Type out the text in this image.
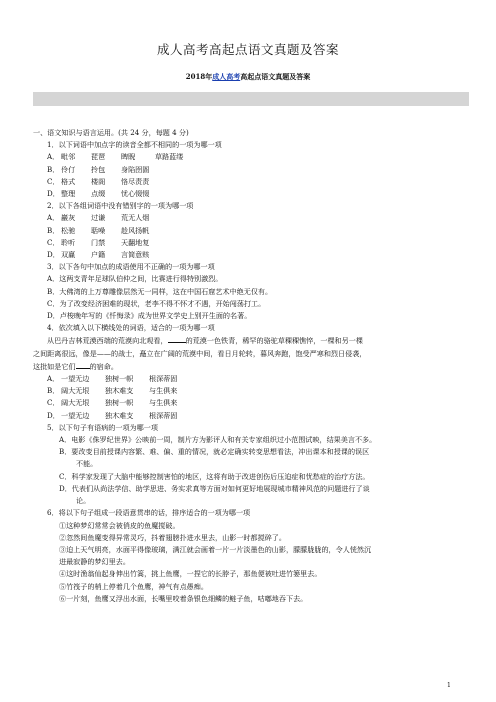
成人高考高起点语文真题及答案
2018年成人高考高起点语文真题及答案
一、语文知识与语言运用。(共 24 分，每题 4 分)
1．以下词语中加点字的读音全都不相同的一项为哪一项
A． 毗邻 琵琶 睥睨	草路蓝缕
B． 伶仃 拎包 身陷囹圄
C．格式 楼阁 恪尽责责
D．整理 点缀 忧心惙惙
2．以下各组词语中没有错别字的一项为哪一项
A． 巖灰 过谦 荒无人烟
B． 松驰 聒噪 趁风扬帆
C．聆听 门禁 天翻地复
D．双赢 户籍 言简意赅
3．以下各句中加点的成语使用不正确的一项为哪一项
A．这两支青年足球队伯仲之间，比赛进行得特别激烈。
B．大佛湾的上万尊雕像层然无一同样，这在中国石窟艺术中绝无仅有。
C．为了改变经济困难的现状，老李不得不怀才不遇，开始闯荡打工。
D．卢梭晚年写的《忏悔录》成为世界文学史上别开生面的名著。
4．依次填入以下横线处的词语，适合的一项为哪一项
从巴丹吉林荒漠西端的荒漠向北观看，	的荒漠一色铁青，稀罕的骆驼草稞稞憔悴，一棵和另一棵
之间距离很远，像是——的战士，矗立在广阔的荒漠中间，看日月轮转，暮风奔跑，饱受严寒和烈日侵袭，
这批如是它们 的宿命。
A． 一望无边 独树一帜 根深蒂固
B． 阔大无垠 独木难支 与生俱来
C．阔大无垠 独树一帜 与生俱来
D．一望无边 独木难支 根深蒂固
5．以下句子有语病的一项为哪一项
A．电影《侏罗纪世界》公映前一周，制片方为影评人和有关专家组织过小范围试映，结果美言不多。
B．要改变目前授课内容繁、难、偏、重的情况，就必定确实转变思想看法，冲出课本和授课的误区
不能。
C．科学家发现了大脑中能够控制害怕的地区，这将有助于改进创伤后压迫症和忧愁症的治疗方法。
D．代表们从尚法学信、助学思进、务实求真等方面对如何更好地展现城市精神风范的问题进行了谈
论。
6．将以下句子组成一段语意贯串的话，排序适合的一项为哪一项
①这种梦幻常常会被俏皮的鱼魔搅破。
②忽然间鱼魔变得异常灵巧，抖着翅膀扑进水里去，山影一时都搅碎了。
③迫上天气明亮，水面平得像玻璃，满江就会画着一片一片淡墨色的山影，朦朦胧胧的，令人恍然沉
进最寂静的梦幻里去。
④这时渔翁仙起身伸出竹篙，挑上鱼鹰，一捏它的长脖子，那鱼便被吐进竹篓里去。
⑤竹筏子的梢上停着几个鱼鹰，神气有点愚痴。
⑥一片刻，鱼鹰又浮出水面，长嘴里咬着条银色细鳞的鲢子鱼，咕嘟地吞下去。
1
